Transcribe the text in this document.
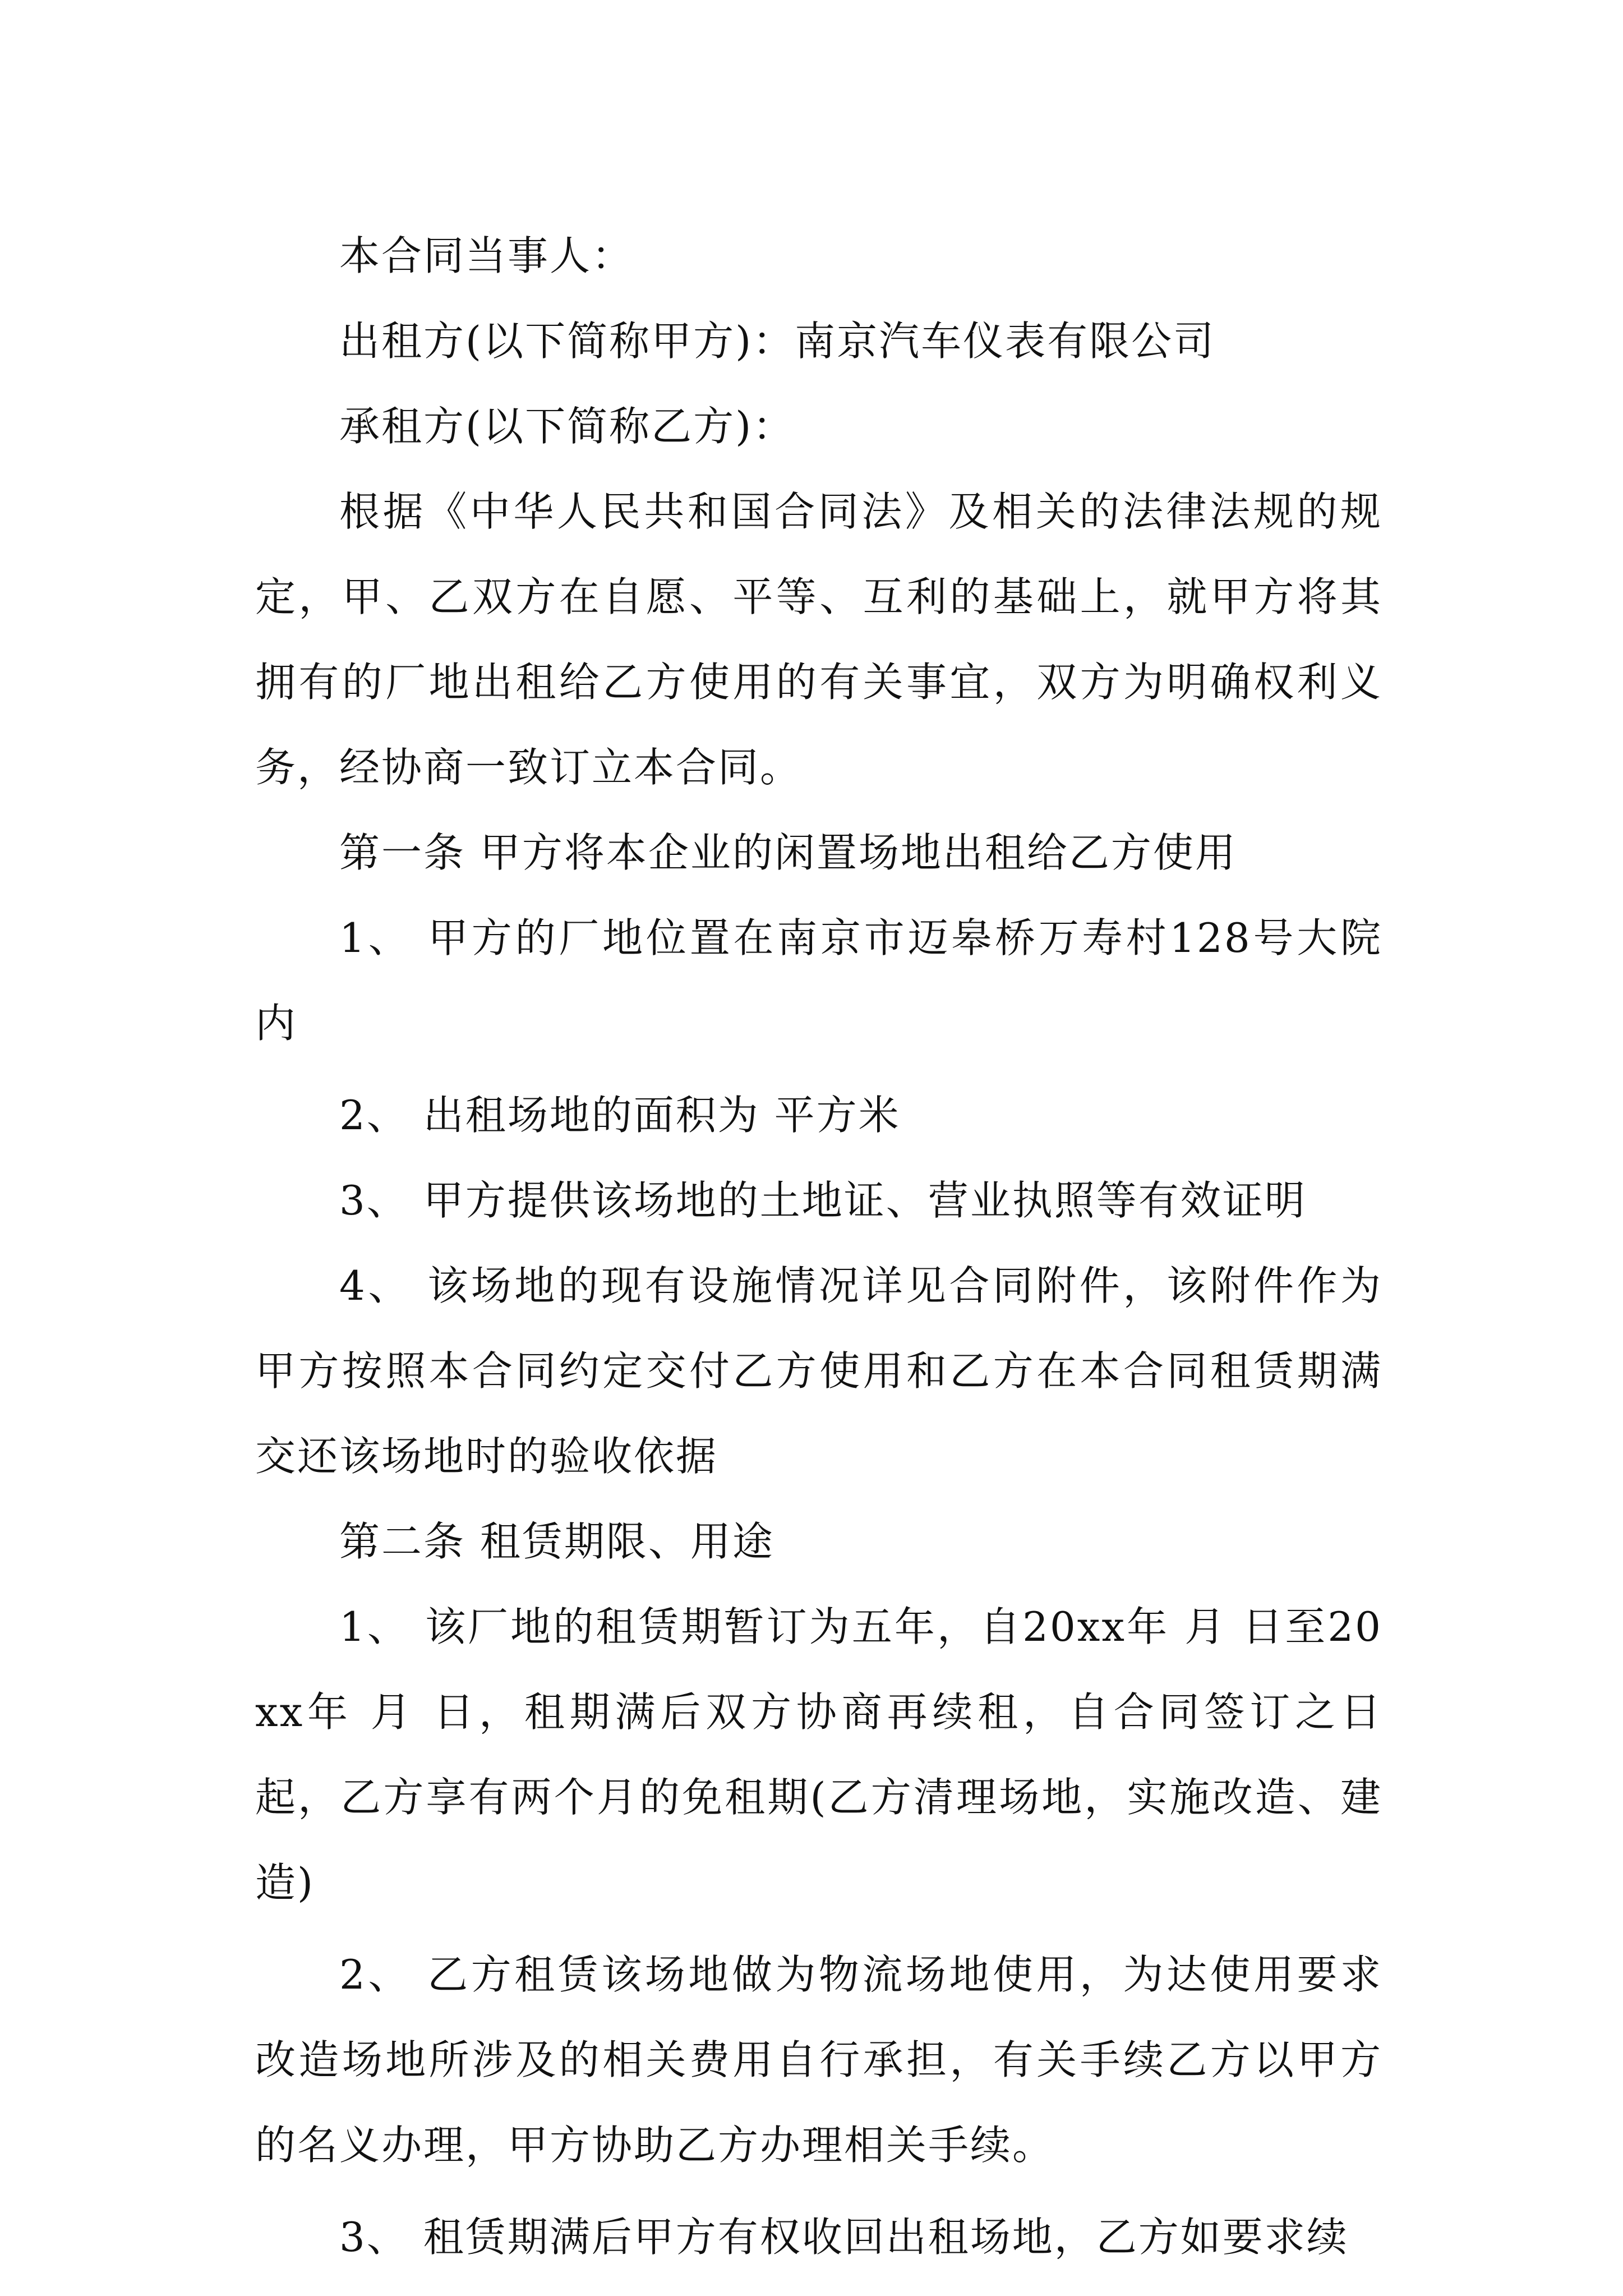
本合同当事人：

出租方(以下简称甲方)：南京汽车仪表有限公司

承租方(以下简称乙方)：

根据《中华人民共和国合同法》及相关的法律法规的规定，甲、乙双方在自愿、平等、互利的基础上，就甲方将其拥有的厂地出租给乙方使用的有关事宜，双方为明确权利义务，经协商一致订立本合同。

第一条 甲方将本企业的闲置场地出租给乙方使用

1、 甲方的厂地位置在南京市迈皋桥万寿村128号大院内

2、 出租场地的面积为 平方米

3、 甲方提供该场地的土地证、营业执照等有效证明

4、 该场地的现有设施情况详见合同附件，该附件作为甲方按照本合同约定交付乙方使用和乙方在本合同租赁期满交还该场地时的验收依据

第二条 租赁期限、用途

1、 该厂地的租赁期暂订为五年，自20xx年 月 日至20xx年 月 日，租期满后双方协商再续租，自合同签订之日起，乙方享有两个月的免租期(乙方清理场地，实施改造、建造)

2、 乙方租赁该场地做为物流场地使用，为达使用要求改造场地所涉及的相关费用自行承担，有关手续乙方以甲方的名义办理，甲方协助乙方办理相关手续。

3、 租赁期满后甲方有权收回出租场地，乙方如要求续
